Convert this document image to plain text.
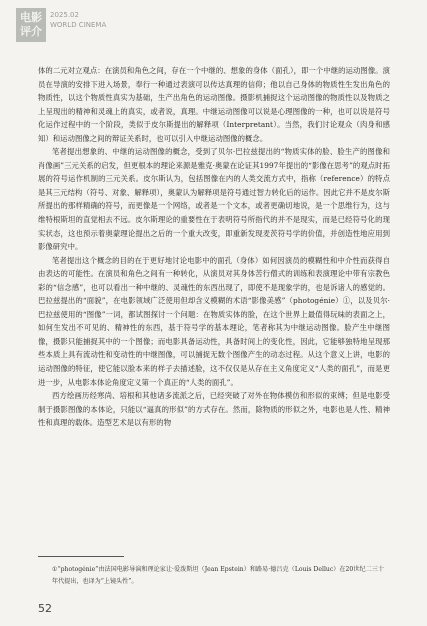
电影
评介
2025.02
WORLD CINEMA

体的二元对立观点：在演员和角色之间，存在一个中继的、想象的身体（面孔），即一个中继的运动图像。演员在导演的安排下进入场景，奉行一种通过表演可以传达真理的信仰；他以自己身体的物质性生发出角色的物质性，以这个物质性真实为基础，生产出角色的运动图像。摄影机捕捉这个运动图像的物质性以及物质之上呈现出的精神和灵魂上的真实，或者说，真理。中继运动图像可以说是心理图像的一种，也可以说是符号化运作过程中的一个阶段，类似于皮尔斯提出的解释项（Interpretant）。当然，我们讨论观众（肉身和感知）和运动图像之间的辩证关系时，也可以引入中继运动图像的概念。

笔者提出想象的、中继的运动图像的概念，受到了贝尔·巴拉兹提出的“物质实体的脸、脸生产的图像和肖像画”三元关系的启发，但更根本的理论来源是雅克·奥蒙在论证其1997年提出的“影像在思考”的观点时拓展的符号运作机制的三元关系。皮尔斯认为，包括图像在内的人类交流方式中，指称（reference）的特点是其三元结构（符号、对象、解释项），奥蒙认为解释项是符号通过智力转化后的运作。因此它并不是皮尔斯所提出的那样精确的符号，而更像是一个网络，或者是一个文本，或者更确切地说，是一个思维行为，这与维特根斯坦的直觉相去不远。皮尔斯理论的重要性在于表明符号所指代的并不是现实，而是已经符号化的现实状态，这也预示着奥蒙理论提出之后的一个重大改变，即重新发现麦茨符号学的价值，并创造性地应用到影像研究中。

笔者提出这个概念的目的在于更好地讨论电影中的面孔（身体）如何因演员的模糊性和中介性而获得自由表达的可能性。在演员和角色之间有一种转化，从演员对其身体苦行僧式的训练和表演理论中带有宗教色彩的“信念感”，也可以看出一种中继的、灵魂性的东西出现了，即使不是现象学的，也是诉诸人的感觉的。巴拉兹提出的“面貌”，在电影领域广泛使用但却含义模糊的术语“影像美感”（photogénie）①，以及贝尔·巴拉兹使用的“图像”一词，都试图探讨一个问题：在物质实体的脸，在这个世界上最值得玩味的表面之上，如何生发出不可见的、精神性的东西，基于符号学的基本理论，笔者称其为中继运动图像。脸产生中继图像，摄影只能捕捉其中的一个图像；而电影具备运动性，具备时间上的变化性，因此，它能够独特地呈现那些本质上具有流动性和变动性的中继图像，可以捕捉无数个图像产生的动态过程。从这个意义上讲，电影的运动图像的特征，使它能以脸本来的样子去描述脸，这不仅仅是从存在主义角度定义“人类的面孔”，而是更进一步，从电影本体论角度定义第一个真正的“人类的面孔”。

西方绘画历经寒尚、培根和其他诸多流派之后，已经突破了对外在物体模仿和形似的束缚；但是电影受制于摄影图像的本体论，只能以“逼真的形似”的方式存在。然而，除物质的形似之外，电影也是人性、精神性和真理的载体。造型艺术是以有形的物

①“photogénie”由法国电影导演和理论家让·爱泼斯坦（Jean Epstein）和路易·德吕克（Louis Delluc）在20世纪二三十年代提出，也译为“上镜头性”。
52
